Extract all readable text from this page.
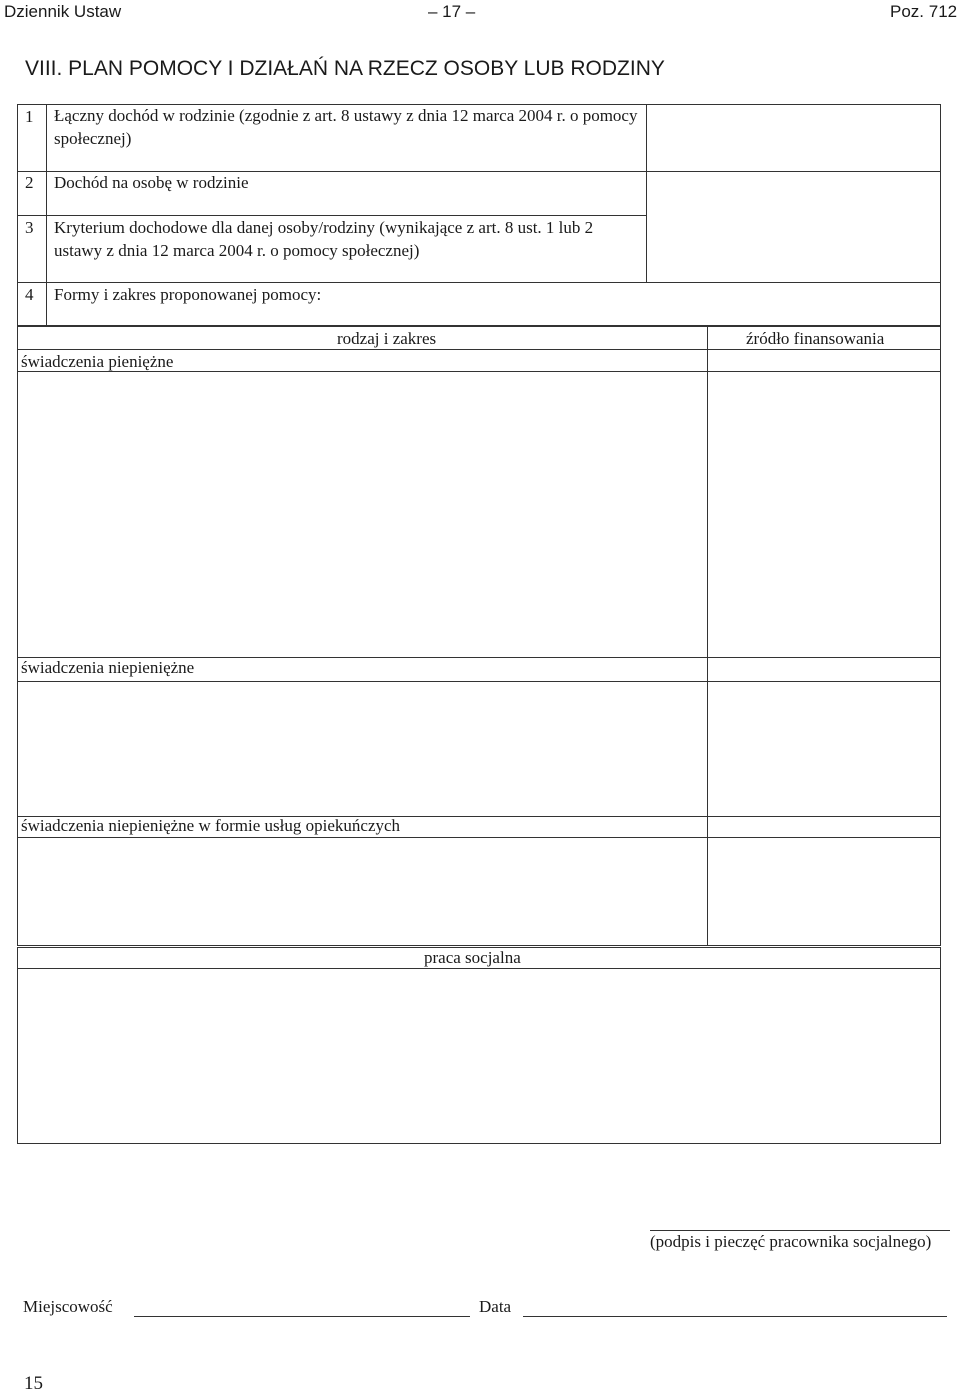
Dziennik Ustaw	– 17 –	Poz. 712
VIII. PLAN POMOCY I DZIAŁAŃ NA RZECZ OSOBY LUB RODZINY
1 Łączny dochód w rodzinie (zgodnie z art. 8 ustawy z dnia 12 marca 2004 r. o pomocy społecznej)
2 Dochód na osobę w rodzinie
3 Kryterium dochodowe dla danej osoby/rodziny (wynikające z art. 8 ust. 1 lub 2 ustawy z dnia 12 marca 2004 r. o pomocy społecznej)
4 Formy i zakres proponowanej pomocy:
rodzaj i zakres	źródło finansowania
świadczenia pieniężne
świadczenia niepieniężne
świadczenia niepieniężne w formie usług opiekuńczych
praca socjalna
(podpis i pieczęć pracownika socjalnego)
Miejscowość	Data
15
